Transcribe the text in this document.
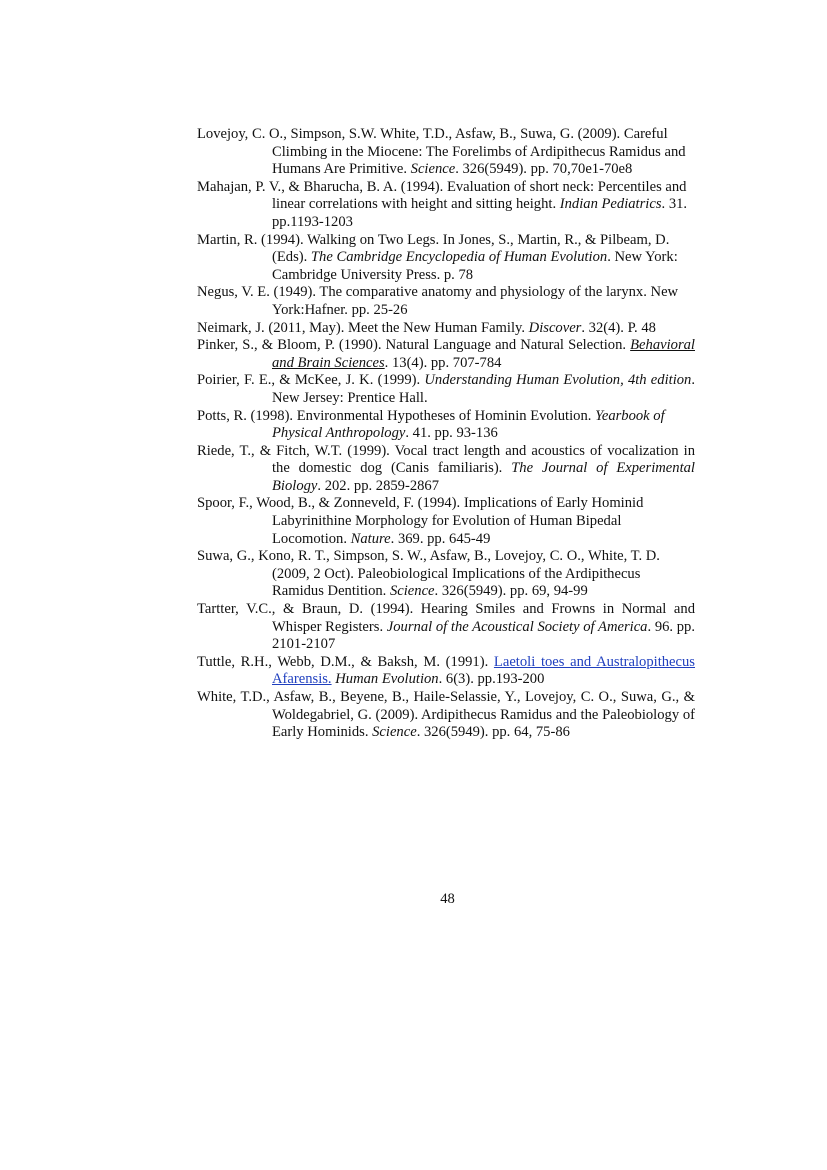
Lovejoy, C. O., Simpson, S.W. White, T.D., Asfaw, B., Suwa, G. (2009). Careful Climbing in the Miocene: The Forelimbs of Ardipithecus Ramidus and Humans Are Primitive. Science. 326(5949). pp. 70,70e1-70e8
Mahajan, P. V., & Bharucha, B. A. (1994). Evaluation of short neck: Percentiles and linear correlations with height and sitting height. Indian Pediatrics. 31. pp.1193-1203
Martin, R. (1994). Walking on Two Legs. In Jones, S., Martin, R., & Pilbeam, D. (Eds). The Cambridge Encyclopedia of Human Evolution. New York: Cambridge University Press. p. 78
Negus, V. E. (1949). The comparative anatomy and physiology of the larynx. New York:Hafner. pp. 25-26
Neimark, J. (2011, May). Meet the New Human Family. Discover. 32(4). P. 48
Pinker, S., & Bloom, P. (1990). Natural Language and Natural Selection. Behavioral and Brain Sciences. 13(4). pp. 707-784
Poirier, F. E., & McKee, J. K. (1999). Understanding Human Evolution, 4th edition. New Jersey: Prentice Hall.
Potts, R. (1998). Environmental Hypotheses of Hominin Evolution. Yearbook of Physical Anthropology. 41. pp. 93-136
Riede, T., & Fitch, W.T. (1999). Vocal tract length and acoustics of vocalization in the domestic dog (Canis familiaris). The Journal of Experimental Biology. 202. pp. 2859-2867
Spoor, F., Wood, B., & Zonneveld, F. (1994). Implications of Early Hominid Labyrinithine Morphology for Evolution of Human Bipedal Locomotion. Nature. 369. pp. 645-49
Suwa, G., Kono, R. T., Simpson, S. W., Asfaw, B., Lovejoy, C. O., White, T. D. (2009, 2 Oct). Paleobiological Implications of the Ardipithecus Ramidus Dentition. Science. 326(5949). pp. 69, 94-99
Tartter, V.C., & Braun, D. (1994). Hearing Smiles and Frowns in Normal and Whisper Registers. Journal of the Acoustical Society of America. 96. pp. 2101-2107
Tuttle, R.H., Webb, D.M., & Baksh, M. (1991). Laetoli toes and Australopithecus Afarensis. Human Evolution. 6(3). pp.193-200
White, T.D., Asfaw, B., Beyene, B., Haile-Selassie, Y., Lovejoy, C. O., Suwa, G., & Woldegabriel, G. (2009). Ardipithecus Ramidus and the Paleobiology of Early Hominids. Science. 326(5949). pp. 64, 75-86
48
